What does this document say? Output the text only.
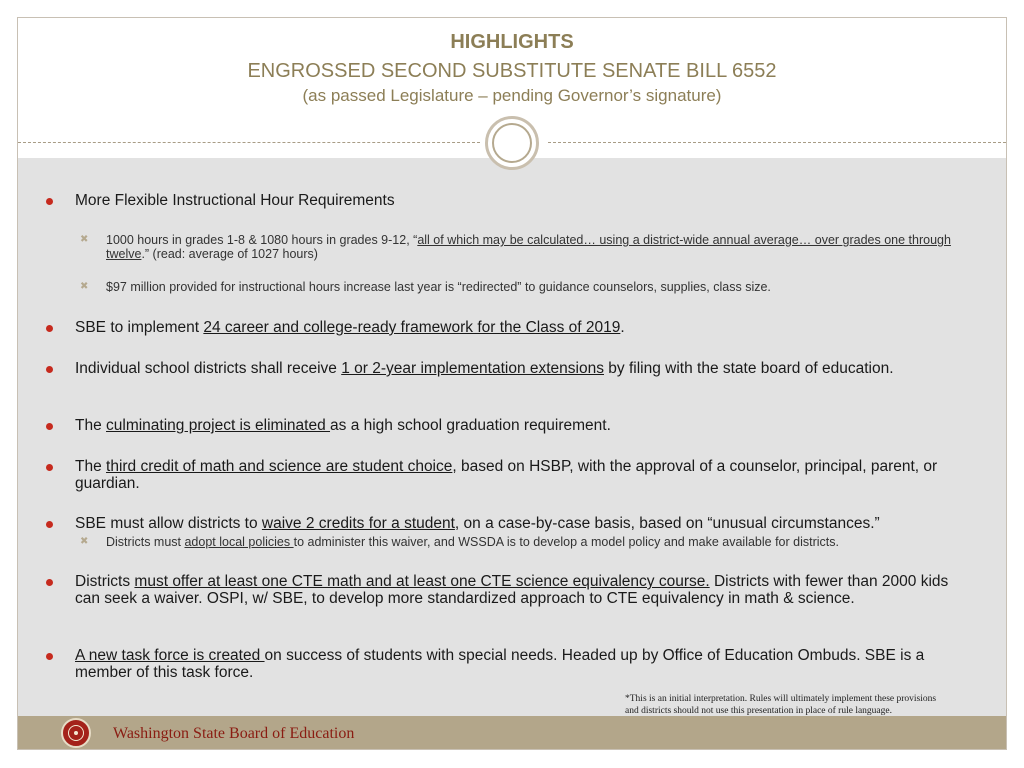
HIGHLIGHTS
ENGROSSED SECOND SUBSTITUTE SENATE BILL 6552
(as passed Legislature – pending Governor’s signature)
More Flexible Instructional Hour Requirements
✖ 1000 hours in grades 1-8 & 1080 hours in grades 9-12, “all of which may be calculated… using a district-wide annual average… over grades one through twelve.” (read: average of 1027 hours)
✖ $97 million provided for instructional hours increase last year is “redirected” to guidance counselors, supplies, class size.
SBE to implement 24 career and college-ready framework for the Class of 2019.
Individual school districts shall receive 1 or 2-year implementation extensions by filing with the state board of education.
The culminating project is eliminated as a high school graduation requirement.
The third credit of math and science are student choice, based on HSBP, with the approval of a counselor, principal, parent, or guardian.
SBE must allow districts to waive 2 credits for a student, on a case-by-case basis, based on “unusual circumstances.”
✖ Districts must adopt local policies to administer this waiver, and WSSDA is to develop a model policy and make available for districts.
Districts must offer at least one CTE math and at least one CTE science equivalency course. Districts with fewer than 2000 kids can seek a waiver. OSPI, w/ SBE, to develop more standardized approach to CTE equivalency in math & science.
A new task force is created on success of students with special needs. Headed up by Office of Education Ombuds. SBE is a member of this task force.
*This is an initial interpretation. Rules will ultimately implement these provisions
and districts should not use this presentation in place of rule language.
Washington State Board of Education
